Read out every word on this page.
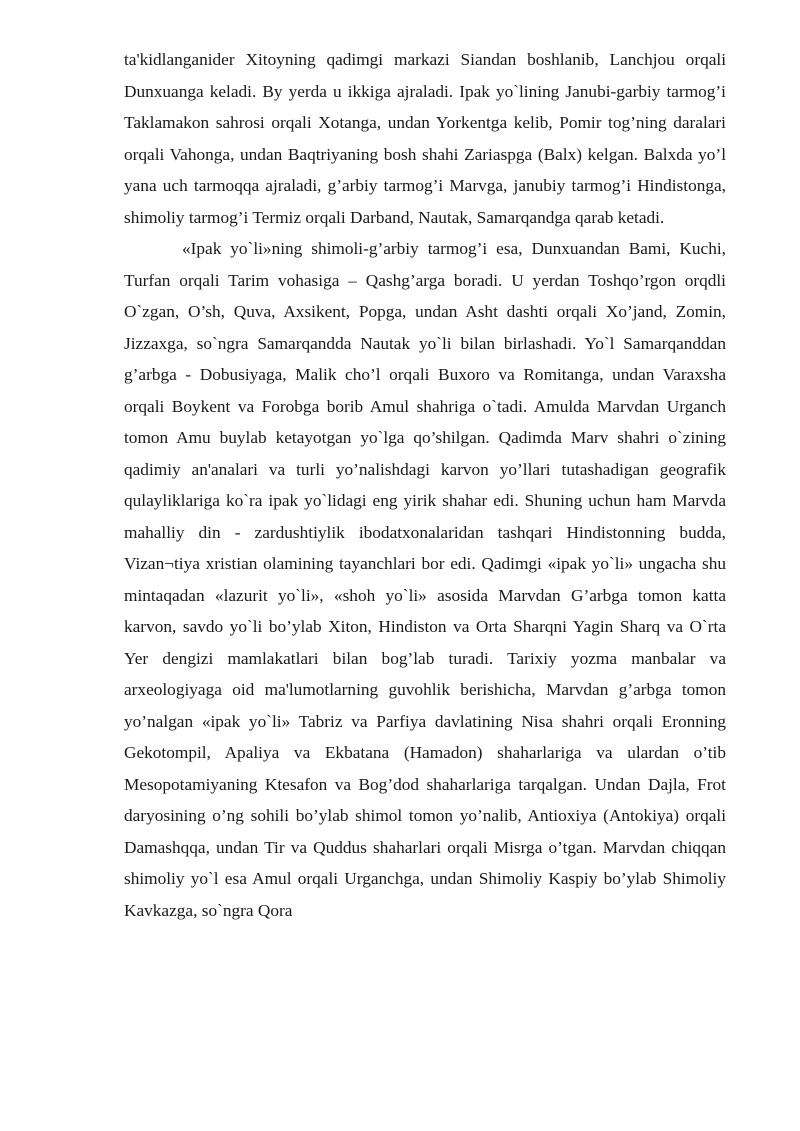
ta'kidlanganider Xitoyning qadimgi markazi Siandan boshlanib, Lanchjou orqali Dunxuanga keladi. By yerda u ikkiga ajraladi. Ipak yo`lining Janubi-garbiy tarmog’i Taklamakon sahrosi orqali Xotanga, undan Yorkentga kelib, Pomir tog’ning daralari orqali Vahonga, undan Baqtriyaning bosh shahi Zariaspga (Balx) kelgan. Balxda yo’l yana uch tarmoqqa ajraladi, g’arbiy tarmog’i Marvga, janubiy tarmog’i Hindistonga, shimoliy tarmog’i Termiz orqali Darband, Nautak, Samarqandga qarab ketadi.

«Ipak yo`li»ning shimoli-g’arbiy tarmog’i esa, Dunxuandan Bami, Kuchi, Turfan orqali Tarim vohasiga – Qashg’arga boradi. U yerdan Toshqo’rgon orqdli O`zgan, O’sh, Quva, Axsikent, Popga, undan Asht dashti orqali Xo’jand, Zomin, Jizzaxga, so`ngra Samarqandda Nautak yo`li bilan birlashadi. Yo`l Samarqanddan g’arbga - Dobusiyaga, Malik cho’l orqali Buxoro va Romitanga, undan Varaxsha orqali Boykent va Forobga borib Amul shahriga o`tadi. Amulda Marvdan Urganch tomon Amu buylab ketayotgan yo`lga qo’shilgan. Qadimda Marv shahri o`zining qadimiy an'analari va turli yo’nalishdagi karvon yo’llari tutashadigan geografik qulayliklariga ko`ra ipak yo`lidagi eng yirik shahar edi. Shuning uchun ham Marvda mahalliy din - zardushtiylik ibodatxonalaridan tashqari Hindistonning budda, Vizan¬tiya xristian olamining tayanchlari bor edi. Qadimgi «ipak yo`li» ungacha shu mintaqadan «lazurit yo`li», «shoh yo`li» asosida Marvdan G’arbga tomon katta karvon, savdo yo`li bo’ylab Xiton, Hindiston va Orta Sharqni Yagin Sharq va O`rta Yer dengizi mamlakatlari bilan bog’lab turadi. Tarixiy yozma manbalar va arxeologiyaga oid ma'lumotlarning guvohlik berishicha, Marvdan g’arbga tomon yo’nalgan «ipak yo`li» Tabriz va Parfiya davlatining Nisa shahri orqali Eronning Gekotompil, Apaliya va Ekbatana (Hamadon) shaharlariga va ulardan o’tib Mesopotamiyaning Ktesafon va Bog’dod shaharlariga tarqalgan. Undan Dajla, Frot daryosining o’ng sohili bo’ylab shimol tomon yo’nalib, Antioxiya (Antokiya) orqali Damashqqa, undan Tir va Quddus shaharlari orqali Misrga o’tgan. Marvdan chiqqan shimoliy yo`l esa Amul orqali Urganchga, undan Shimoliy Kaspiy bo’ylab Shimoliy Kavkazga, so`ngra Qora
